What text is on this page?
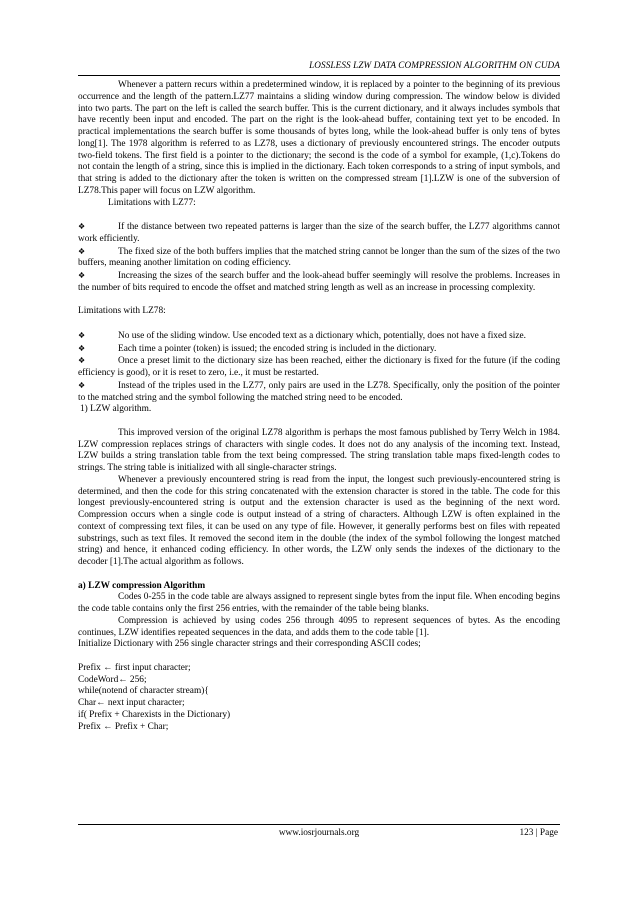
LOSSLESS LZW DATA COMPRESSION ALGORITHM ON CUDA

Whenever a pattern recurs within a predetermined window, it is replaced by a pointer to the beginning of its previous occurrence and the length of the pattern.LZ77 maintains a sliding window during compression. The window below is divided into two parts. The part on the left is called the search buffer. This is the current dictionary, and it always includes symbols that have recently been input and encoded. The part on the right is the look-ahead buffer, containing text yet to be encoded. In practical implementations the search buffer is some thousands of bytes long, while the look-ahead buffer is only tens of bytes long[1]. The 1978 algorithm is referred to as LZ78, uses a dictionary of previously encountered strings. The encoder outputs two-field tokens. The first field is a pointer to the dictionary; the second is the code of a symbol for example, (1,c).Tokens do not contain the length of a string, since this is implied in the dictionary. Each token corresponds to a string of input symbols, and that string is added to the dictionary after the token is written on the compressed stream [1].LZW is one of the subversion of LZ78.This paper will focus on LZW algorithm.

Limitations with LZ77:

❖	If the distance between two repeated patterns is larger than the size of the search buffer, the LZ77 algorithms cannot work efficiently.

❖	The fixed size of the both buffers implies that the matched string cannot be longer than the sum of the sizes of the two buffers, meaning another limitation on coding efficiency.

❖	Increasing the sizes of the search buffer and the look-ahead buffer seemingly will resolve the problems. Increases in the number of bits required to encode the offset and matched string length as well as an increase in processing complexity.

Limitations with LZ78:

❖	No use of the sliding window. Use encoded text as a dictionary which, potentially, does not have a fixed size.

❖	Each time a pointer (token) is issued; the encoded string is included in the dictionary.

❖	Once a preset limit to the dictionary size has been reached, either the dictionary is fixed for the future (if the coding efficiency is good), or it is reset to zero, i.e., it must be restarted.

❖	Instead of the triples used in the LZ77, only pairs are used in the LZ78. Specifically, only the position of the pointer to the matched string and the symbol following the matched string need to be encoded.

1) LZW algorithm.

This improved version of the original LZ78 algorithm is perhaps the most famous published by Terry Welch in 1984. LZW compression replaces strings of characters with single codes. It does not do any analysis of the incoming text. Instead, LZW builds a string translation table from the text being compressed. The string translation table maps fixed-length codes to strings. The string table is initialized with all single-character strings.

Whenever a previously encountered string is read from the input, the longest such previously-encountered string is determined, and then the code for this string concatenated with the extension character is stored in the table. The code for this longest previously-encountered string is output and the extension character is used as the beginning of the next word. Compression occurs when a single code is output instead of a string of characters. Although LZW is often explained in the context of compressing text files, it can be used on any type of file. However, it generally performs best on files with repeated substrings, such as text files. It removed the second item in the double (the index of the symbol following the longest matched string) and hence, it enhanced coding efficiency. In other words, the LZW only sends the indexes of the dictionary to the decoder [1].The actual algorithm as follows.

a) LZW compression Algorithm

Codes 0-255 in the code table are always assigned to represent single bytes from the input file. When encoding begins the code table contains only the first 256 entries, with the remainder of the table being blanks.

Compression is achieved by using codes 256 through 4095 to represent sequences of bytes. As the encoding continues, LZW identifies repeated sequences in the data, and adds them to the code table [1].

Initialize Dictionary with 256 single character strings and their corresponding ASCII codes;

Prefix ← first input character;

CodeWord← 256;

while(notend of character stream){

Char← next input character;

if( Prefix + Charexists in the Dictionary)

Prefix ← Prefix + Char;

www.iosrjournals.org	123 | Page
